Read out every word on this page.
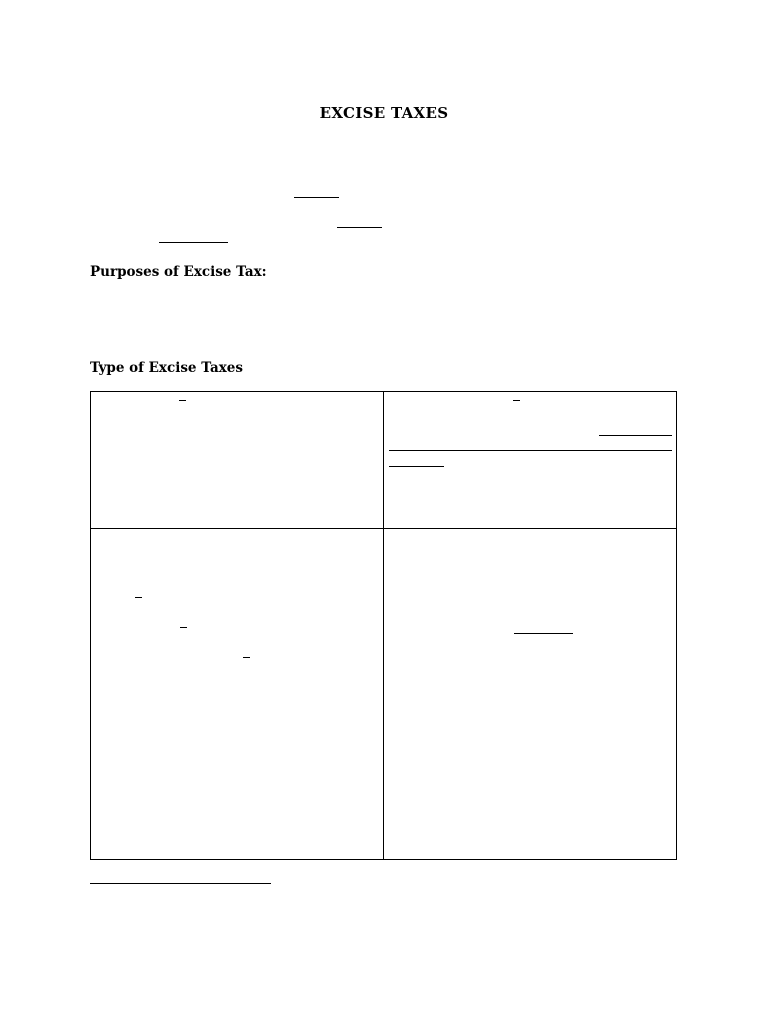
EXCISE TAXES
Purposes of Excise Tax:
Type of Excise Taxes
